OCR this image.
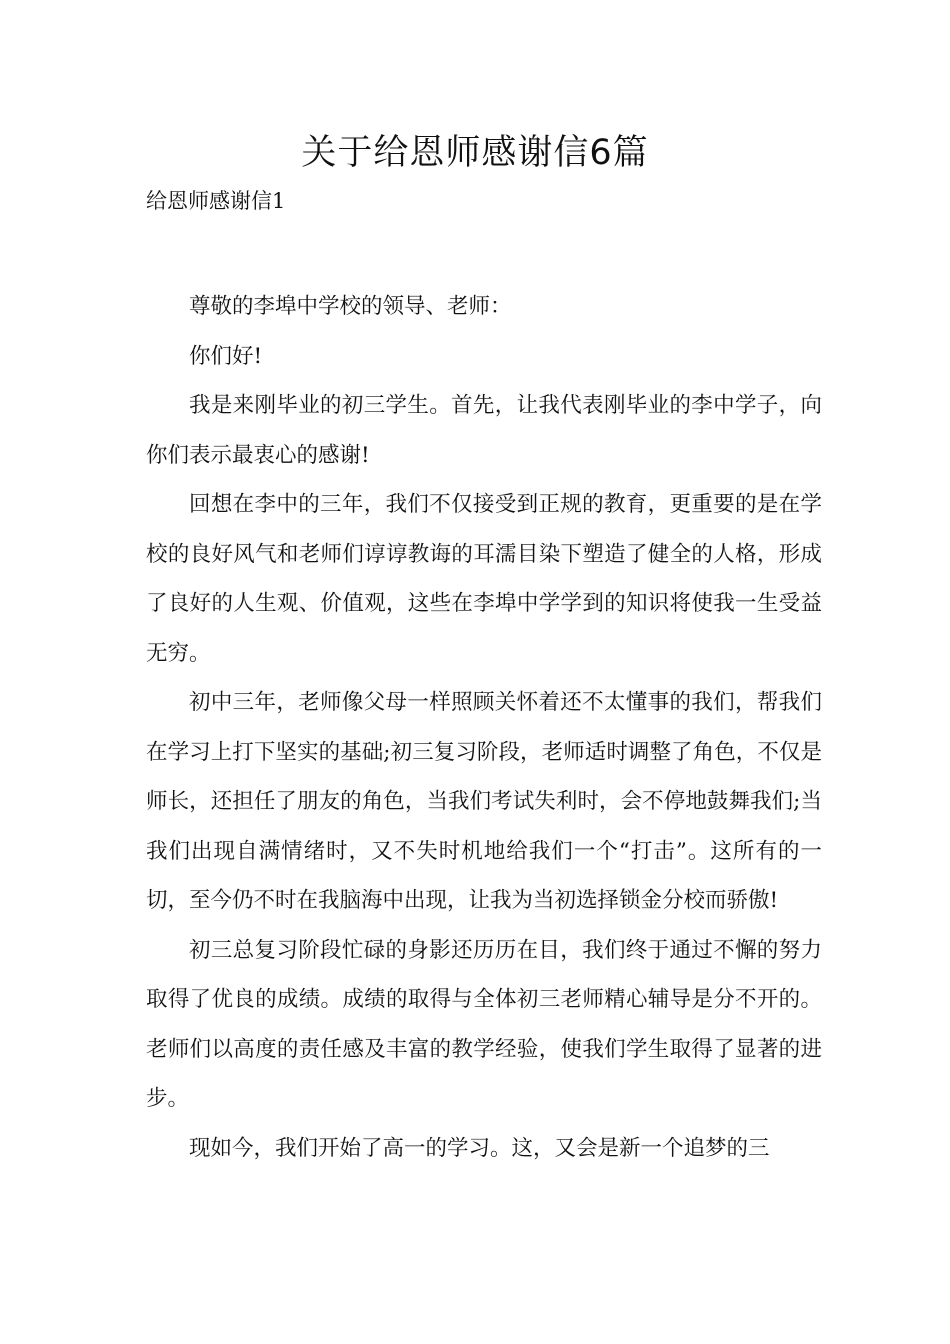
关于给恩师感谢信6篇
给恩师感谢信1

尊敬的李埠中学校的领导、老师：

你们好!

我是来刚毕业的初三学生。首先，让我代表刚毕业的李中学子，向你们表示最衷心的感谢!

回想在李中的三年，我们不仅接受到正规的教育，更重要的是在学校的良好风气和老师们谆谆教诲的耳濡目染下塑造了健全的人格，形成了良好的人生观、价值观，这些在李埠中学学到的知识将使我一生受益无穷。

初中三年，老师像父母一样照顾关怀着还不太懂事的我们，帮我们在学习上打下坚实的基础;初三复习阶段，老师适时调整了角色，不仅是师长，还担任了朋友的角色，当我们考试失利时，会不停地鼓舞我们;当我们出现自满情绪时，又不失时机地给我们一个“打击”。这所有的一切，至今仍不时在我脑海中出现，让我为当初选择锁金分校而骄傲!

初三总复习阶段忙碌的身影还历历在目，我们终于通过不懈的努力取得了优良的成绩。成绩的取得与全体初三老师精心辅导是分不开的。老师们以高度的责任感及丰富的教学经验，使我们学生取得了显著的进步。

现如今，我们开始了高一的学习。这，又会是新一个追梦的三
